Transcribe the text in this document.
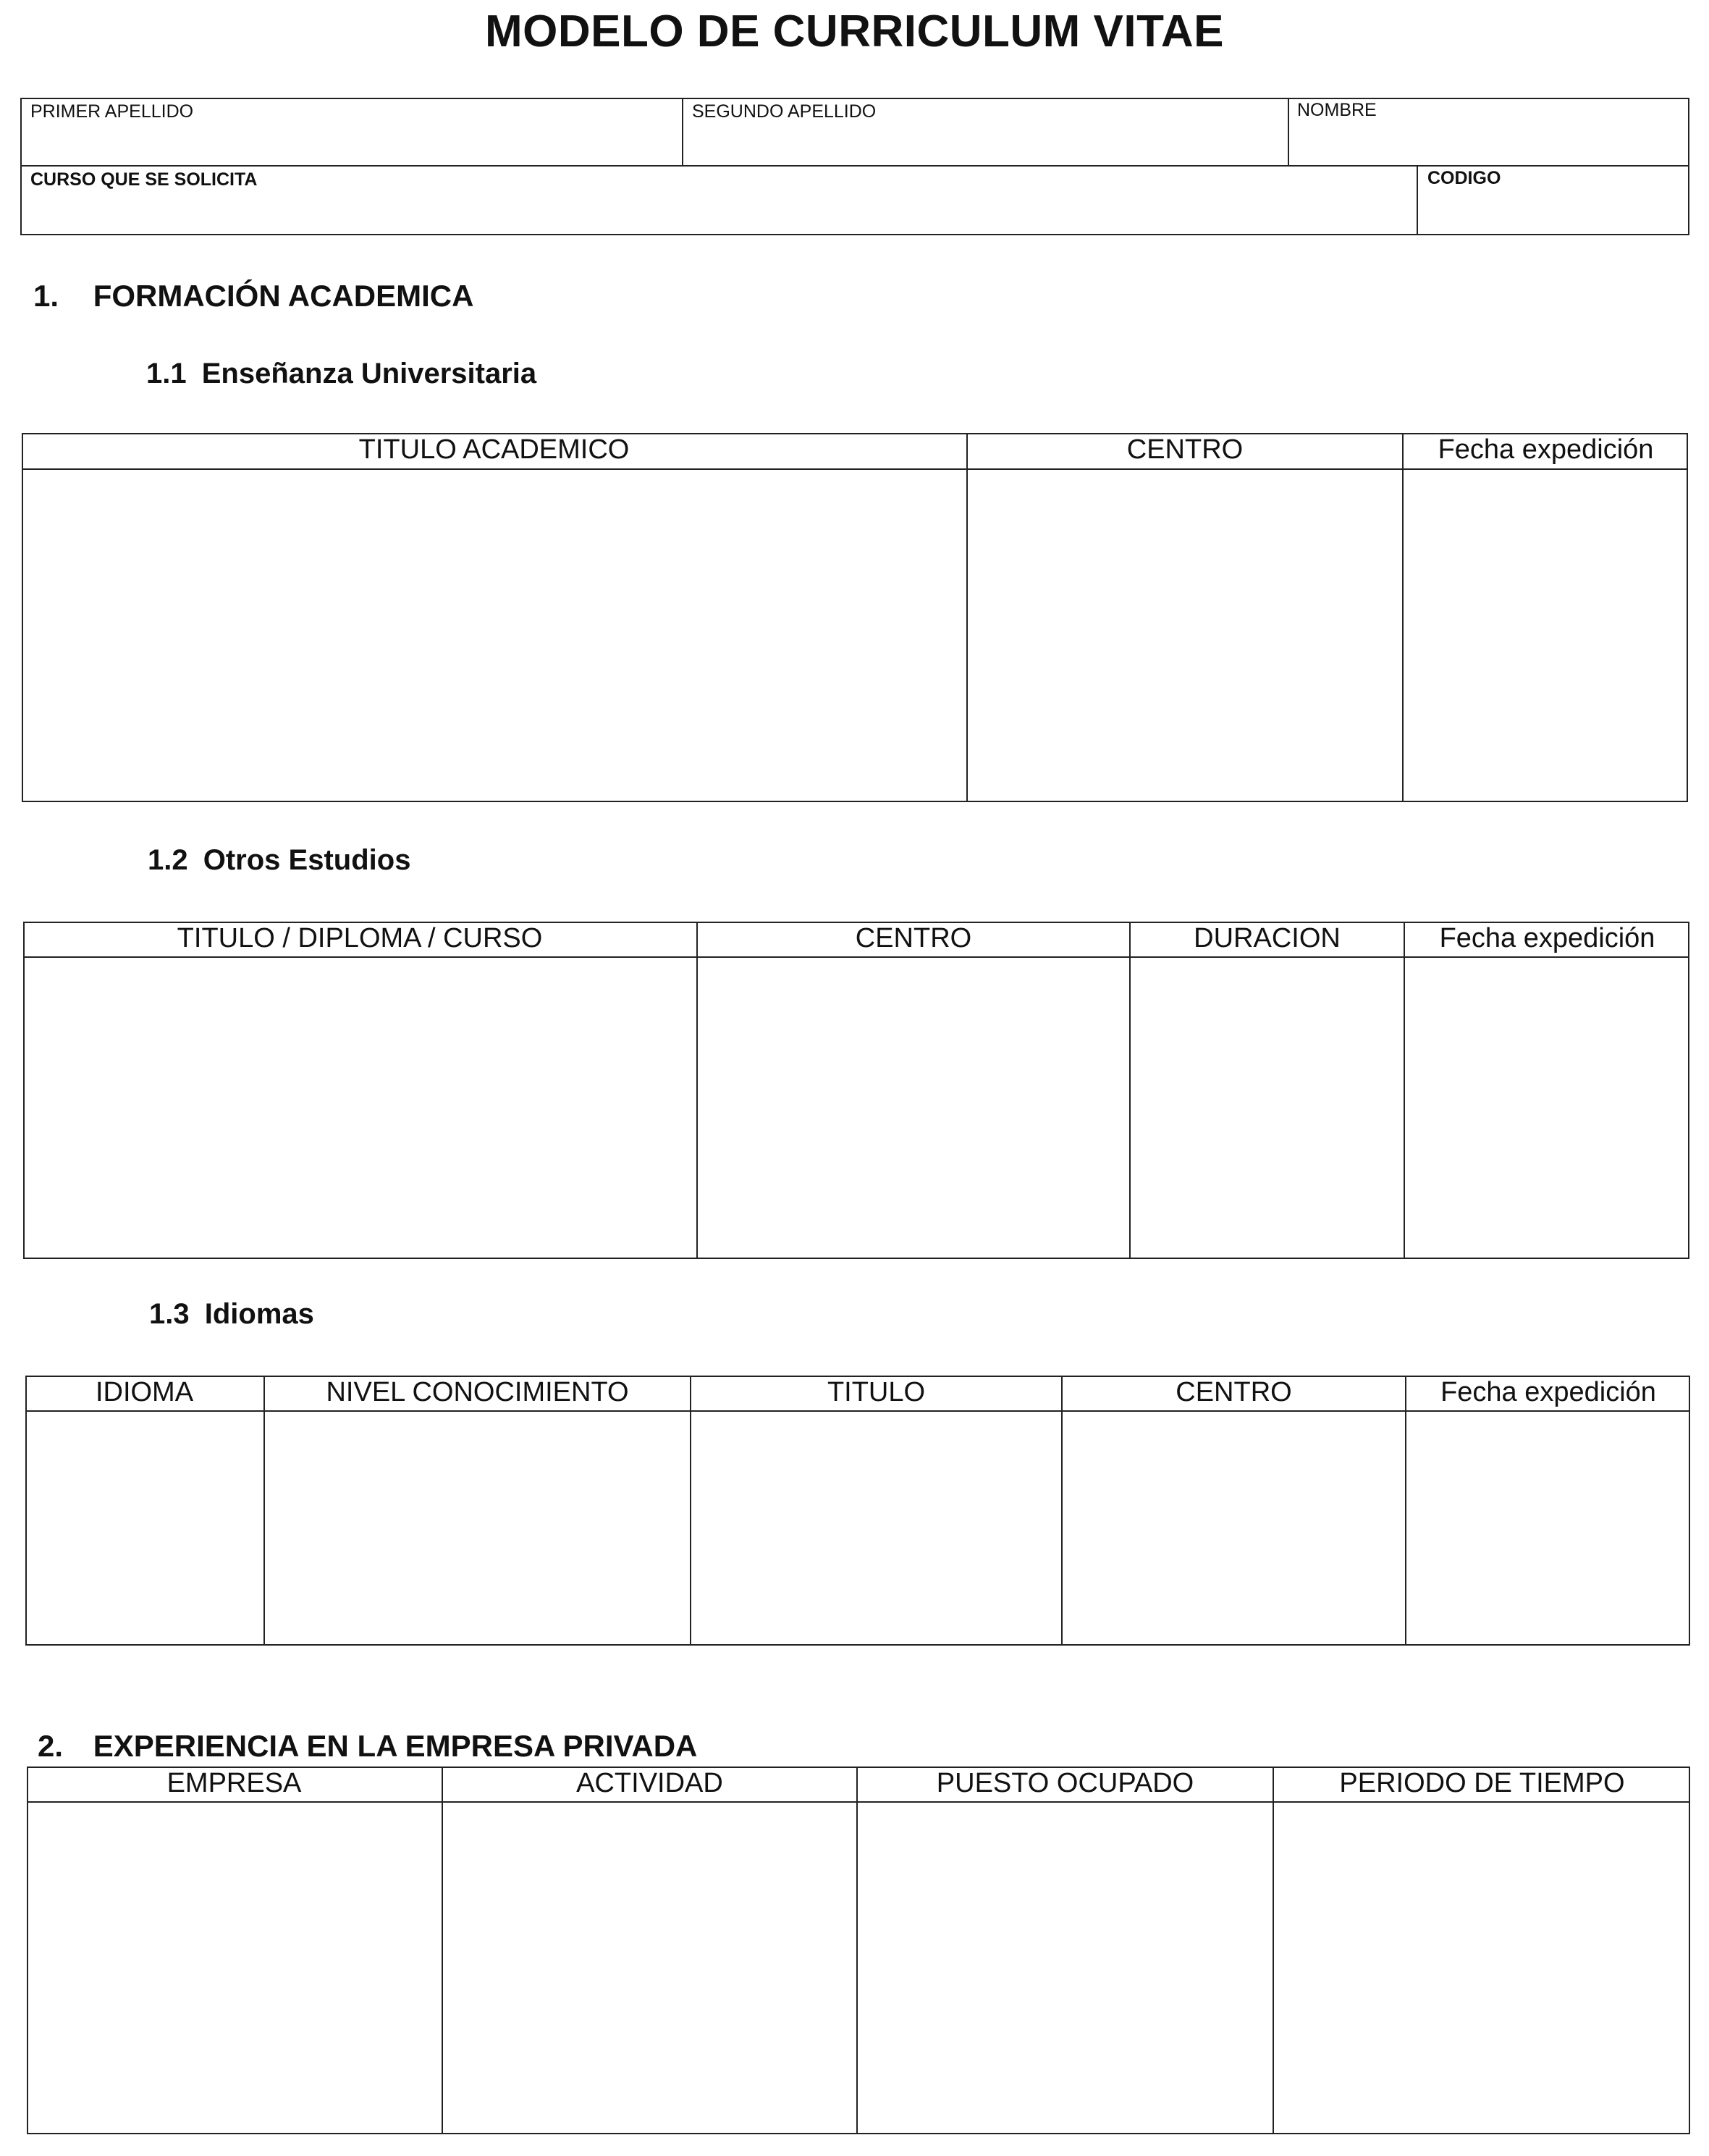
MODELO DE CURRICULUM VITAE
PRIMER APELLIDO	SEGUNDO APELLIDO	NOMBRE
CURSO QUE SE SOLICITA	CODIGO
1. FORMACIÓN ACADEMICA
1.1 Enseñanza Universitaria
TITULO ACADEMICO	CENTRO	Fecha expedición
1.2 Otros Estudios
TITULO / DIPLOMA / CURSO	CENTRO	DURACION	Fecha expedición
1.3 Idiomas
IDIOMA	NIVEL CONOCIMIENTO	TITULO	CENTRO	Fecha expedición
2. EXPERIENCIA EN LA EMPRESA PRIVADA
EMPRESA	ACTIVIDAD	PUESTO OCUPADO	PERIODO DE TIEMPO
